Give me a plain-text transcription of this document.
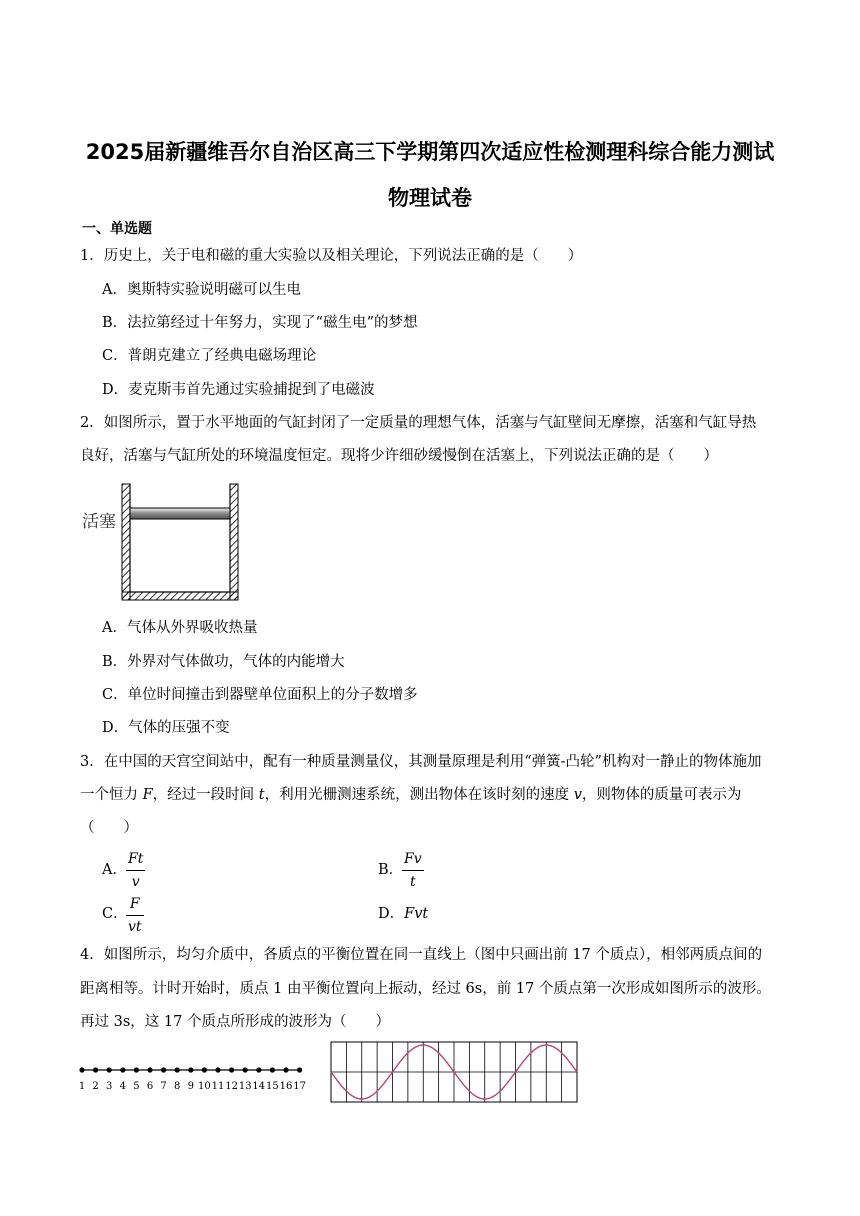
2025届新疆维吾尔自治区高三下学期第四次适应性检测理科综合能力测试
物理试卷
一、单选题
1．历史上，关于电和磁的重大实验以及相关理论，下列说法正确的是（　　）
A．奥斯特实验说明磁可以生电
B．法拉第经过十年努力，实现了“磁生电”的梦想
C．普朗克建立了经典电磁场理论
D．麦克斯韦首先通过实验捕捉到了电磁波
2．如图所示，置于水平地面的气缸封闭了一定质量的理想气体，活塞与气缸壁间无摩擦，活塞和气缸导热
良好，活塞与气缸所处的环境温度恒定。现将少许细砂缓慢倒在活塞上，下列说法正确的是（　　）
活塞
A．气体从外界吸收热量
B．外界对气体做功，气体的内能增大
C．单位时间撞击到器壁单位面积上的分子数增多
D．气体的压强不变
3．在中国的天宫空间站中，配有一种质量测量仪，其测量原理是利用“弹簧-凸轮”机构对一静止的物体施加
一个恒力 F，经过一段时间 t，利用光栅测速系统，测出物体在该时刻的速度 v，则物体的质量可表示为
（　　）
A．
Ft
v
B．
Fv
t
C．
F
vt
D．Fvt
4．如图所示，均匀介质中，各质点的平衡位置在同一直线上（图中只画出前 17 个质点），相邻两质点间的
距离相等。计时开始时，质点 1 由平衡位置向上振动，经过 6s，前 17 个质点第一次形成如图所示的波形。
再过 3s，这 17 个质点所形成的波形为（　　）
1 2 3 4 5 6 7 8 9 10 11 12 13 14 15 16 17
